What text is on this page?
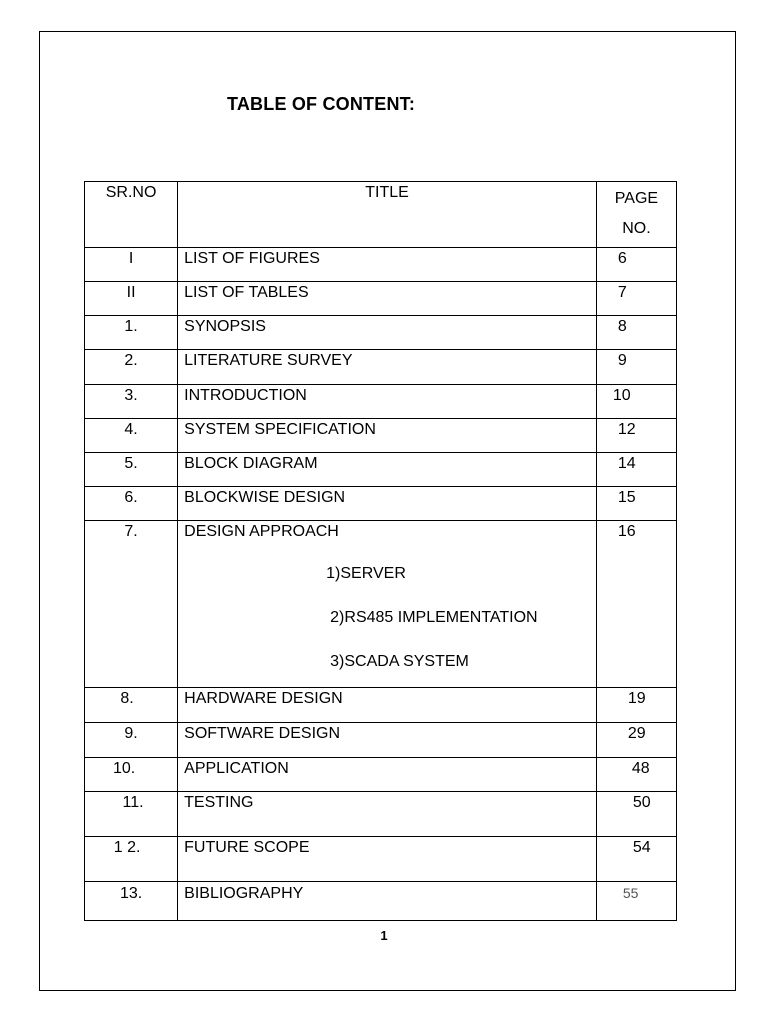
TABLE OF CONTENT:
SR.NO	TITLE	PAGE
NO.

I	LIST OF FIGURES	6

II	LIST OF TABLES	7

1.	SYNOPSIS	8

2.	LITERATURE SURVEY	9

3.	INTRODUCTION	10

4.	SYSTEM SPECIFICATION	12

5.	BLOCK DIAGRAM	14

6.	BLOCKWISE DESIGN	15

7.	DESIGN APPROACH
1)SERVER
2)RS485 IMPLEMENTATION
3)SCADA SYSTEM	16

8.	HARDWARE DESIGN	19

9.	SOFTWARE DESIGN	29

10.	APPLICATION	48

11.	TESTING	50

1 2.	FUTURE SCOPE	54

13.	BIBLIOGRAPHY	55
1
